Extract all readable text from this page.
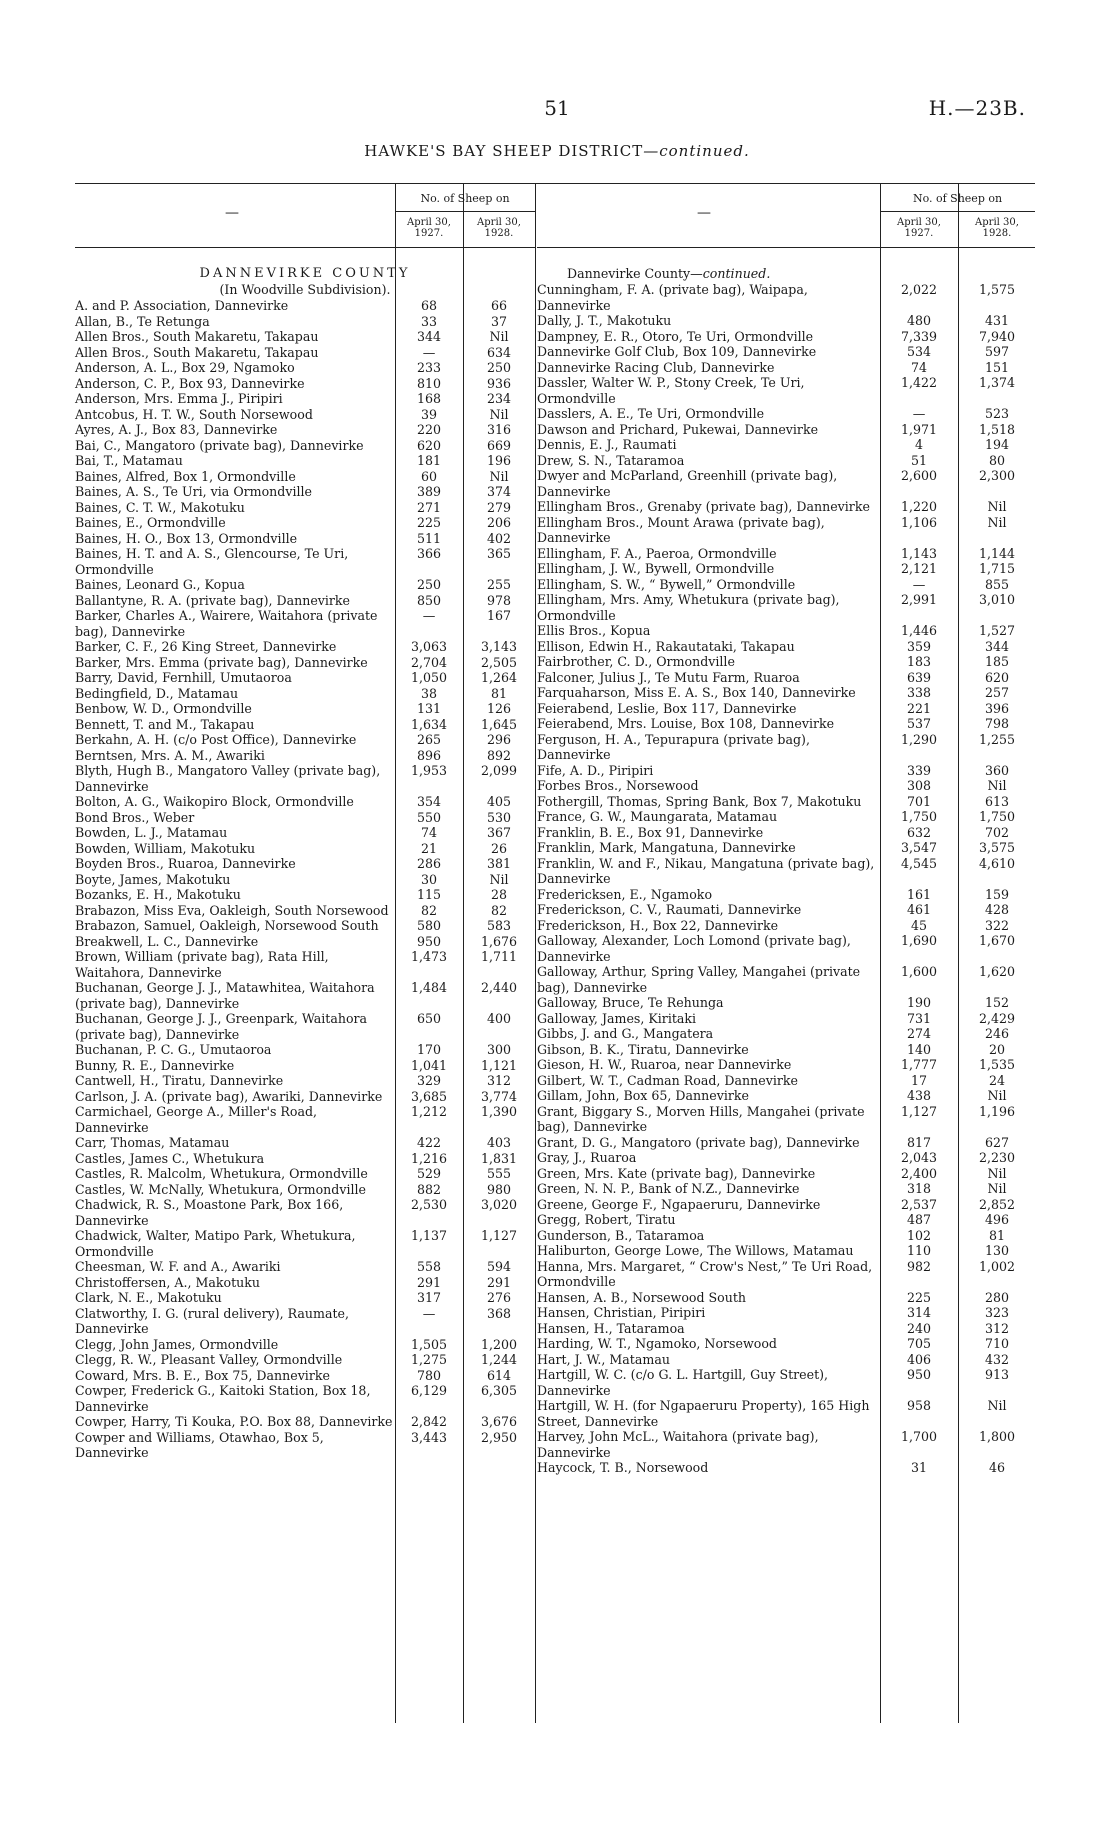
51	H.—23B.
HAWKE'S BAY SHEEP DISTRICT—continued.
—
No. of Sheep on
April 30, 1927.
April 30, 1928.
DANNEVIRKE COUNTY
(In Woodville Subdivision).
A. and P. Association, Dannevirke	68	66
Allan, B., Te Retunga	33	37
Allen Bros., South Makaretu, Takapau	344	Nil
Allen Bros., South Makaretu, Takapau	—	634
Anderson, A. L., Box 29, Ngamoko	233	250
Anderson, C. P., Box 93, Dannevirke	810	936
Anderson, Mrs. Emma J., Piripiri	168	234
Antcobus, H. T. W., South Norsewood	39	Nil
Ayres, A. J., Box 83, Dannevirke	220	316
Bai, C., Mangatoro (private bag), Dannevirke	620	669
Bai, T., Matamau	181	196
Baines, Alfred, Box 1, Ormondville	60	Nil
Baines, A. S., Te Uri, via Ormondville	389	374
Baines, C. T. W., Makotuku	271	279
Baines, E., Ormondville	225	206
Baines, H. O., Box 13, Ormondville	511	402
Baines, H. T. and A. S., Glencourse, Te Uri, Ormondville
366	365
Baines, Leonard G., Kopua	250	255
Ballantyne, R. A. (private bag), Dannevirke	850	978
Barker, Charles A., Wairere, Waitahora (private bag), Dannevirke
—	167
Barker, C. F., 26 King Street, Dannevirke	3,063	3,143
Barker, Mrs. Emma (private bag), Dannevirke	2,704	2,505
Barry, David, Fernhill, Umutaoroa	1,050	1,264
Bedingfield, D., Matamau	38	81
Benbow, W. D., Ormondville	131	126
Bennett, T. and M., Takapau	1,634	1,645
Berkahn, A. H. (c/o Post Office), Dannevirke	265	296
Berntsen, Mrs. A. M., Awariki	896	892
Blyth, Hugh B., Mangatoro Valley (private bag), Dannevirke
1,953	2,099
Bolton, A. G., Waikopiro Block, Ormondville	354	405
Bond Bros., Weber	550	530
Bowden, L. J., Matamau	74	367
Bowden, William, Makotuku	21	26
Boyden Bros., Ruaroa, Dannevirke	286	381
Boyte, James, Makotuku	30	Nil
Bozanks, E. H., Makotuku	115	28
Brabazon, Miss Eva, Oakleigh, South Norsewood	82	82
Brabazon, Samuel, Oakleigh, Norsewood South	580	583
Breakwell, L. C., Dannevirke	950	1,676
Brown, William (private bag), Rata Hill, Waitahora, Dannevirke
1,473	1,711
Buchanan, George J. J., Matawhitea, Waitahora (private bag), Dannevirke
1,484	2,440
Buchanan, George J. J., Greenpark, Waitahora (private bag), Dannevirke
650	400
Buchanan, P. C. G., Umutaoroa	170	300
Bunny, R. E., Dannevirke	1,041	1,121
Cantwell, H., Tiratu, Dannevirke	329	312
Carlson, J. A. (private bag), Awariki, Dannevirke	3,685	3,774
Carmichael, George A., Miller's Road, Dannevirke
1,212	1,390
Carr, Thomas, Matamau	422	403
Castles, James C., Whetukura	1,216	1,831
Castles, R. Malcolm, Whetukura, Ormondville	529	555
Castles, W. McNally, Whetukura, Ormondville	882	980
Chadwick, R. S., Moastone Park, Box 166, Dannevirke
2,530	3,020
Chadwick, Walter, Matipo Park, Whetukura, Ormondville
1,137	1,127
Cheesman, W. F. and A., Awariki	558	594
Christoffersen, A., Makotuku	291	291
Clark, N. E., Makotuku	317	276
Clatworthy, I. G. (rural delivery), Raumate, Dannevirke
—	368
Clegg, John James, Ormondville	1,505	1,200
Clegg, R. W., Pleasant Valley, Ormondville	1,275	1,244
Coward, Mrs. B. E., Box 75, Dannevirke	780	614
Cowper, Frederick G., Kaitoki Station, Box 18, Dannevirke
6,129	6,305
Cowper, Harry, Ti Kouka, P.O. Box 88, Dannevirke	2,842	3,676
Cowper and Williams, Otawhao, Box 5, Dannevirke
3,443	2,950
—
No. of Sheep on
April 30, 1927.
April 30, 1928.
Dannevirke County—continued.
Cunningham, F. A. (private bag), Waipapa, Dannevirke
2,022	1,575
Dally, J. T., Makotuku	480	431
Dampney, E. R., Otoro, Te Uri, Ormondville	7,339	7,940
Dannevirke Golf Club, Box 109, Dannevirke	534	597
Dannevirke Racing Club, Dannevirke	74	151
Dassler, Walter W. P., Stony Creek, Te Uri, Ormondville
1,422	1,374
Dasslers, A. E., Te Uri, Ormondville	—	523
Dawson and Prichard, Pukewai, Dannevirke	1,971	1,518
Dennis, E. J., Raumati	4	194
Drew, S. N., Tataramoa	51	80
Dwyer and McParland, Greenhill (private bag), Dannevirke
2,600	2,300
Ellingham Bros., Grenaby (private bag), Dannevirke	1,220	Nil
Ellingham Bros., Mount Arawa (private bag), Dannevirke
1,106	Nil
Ellingham, F. A., Paeroa, Ormondville	1,143	1,144
Ellingham, J. W., Bywell, Ormondville	2,121	1,715
Ellingham, S. W., “ Bywell,” Ormondville	—	855
Ellingham, Mrs. Amy, Whetukura (private bag), Ormondville
2,991	3,010
Ellis Bros., Kopua	1,446	1,527
Ellison, Edwin H., Rakautataki, Takapau	359	344
Fairbrother, C. D., Ormondville	183	185
Falconer, Julius J., Te Mutu Farm, Ruaroa	639	620
Farquaharson, Miss E. A. S., Box 140, Dannevirke	338	257
Feierabend, Leslie, Box 117, Dannevirke	221	396
Feierabend, Mrs. Louise, Box 108, Dannevirke	537	798
Ferguson, H. A., Tepurapura (private bag), Dannevirke
1,290	1,255
Fife, A. D., Piripiri	339	360
Forbes Bros., Norsewood	308	Nil
Fothergill, Thomas, Spring Bank, Box 7, Makotuku	701	613
France, G. W., Maungarata, Matamau	1,750	1,750
Franklin, B. E., Box 91, Dannevirke	632	702
Franklin, Mark, Mangatuna, Dannevirke	3,547	3,575
Franklin, W. and F., Nikau, Mangatuna (private bag), Dannevirke
4,545	4,610
Fredericksen, E., Ngamoko	161	159
Frederickson, C. V., Raumati, Dannevirke	461	428
Frederickson, H., Box 22, Dannevirke	45	322
Galloway, Alexander, Loch Lomond (private bag), Dannevirke
1,690	1,670
Galloway, Arthur, Spring Valley, Mangahei (private bag), Dannevirke
1,600	1,620
Galloway, Bruce, Te Rehunga	190	152
Galloway, James, Kiritaki	731	2,429
Gibbs, J. and G., Mangatera	274	246
Gibson, B. K., Tiratu, Dannevirke	140	20
Gieson, H. W., Ruaroa, near Dannevirke	1,777	1,535
Gilbert, W. T., Cadman Road, Dannevirke	17	24
Gillam, John, Box 65, Dannevirke	438	Nil
Grant, Biggary S., Morven Hills, Mangahei (private bag), Dannevirke
1,127	1,196
Grant, D. G., Mangatoro (private bag), Dannevirke	817	627
Gray, J., Ruaroa	2,043	2,230
Green, Mrs. Kate (private bag), Dannevirke	2,400	Nil
Green, N. N. P., Bank of N.Z., Dannevirke	318	Nil
Greene, George F., Ngapaeruru, Dannevirke	2,537	2,852
Gregg, Robert, Tiratu	487	496
Gunderson, B., Tataramoa	102	81
Haliburton, George Lowe, The Willows, Matamau	110	130
Hanna, Mrs. Margaret, “ Crow's Nest,” Te Uri Road, Ormondville
982	1,002
Hansen, A. B., Norsewood South	225	280
Hansen, Christian, Piripiri	314	323
Hansen, H., Tataramoa	240	312
Harding, W. T., Ngamoko, Norsewood	705	710
Hart, J. W., Matamau	406	432
Hartgill, W. C. (c/o G. L. Hartgill, Guy Street), Dannevirke
950	913
Hartgill, W. H. (for Ngapaeruru Property), 165 High Street, Dannevirke
958	Nil
Harvey, John McL., Waitahora (private bag), Dannevirke
1,700	1,800
Haycock, T. B., Norsewood	31	46
